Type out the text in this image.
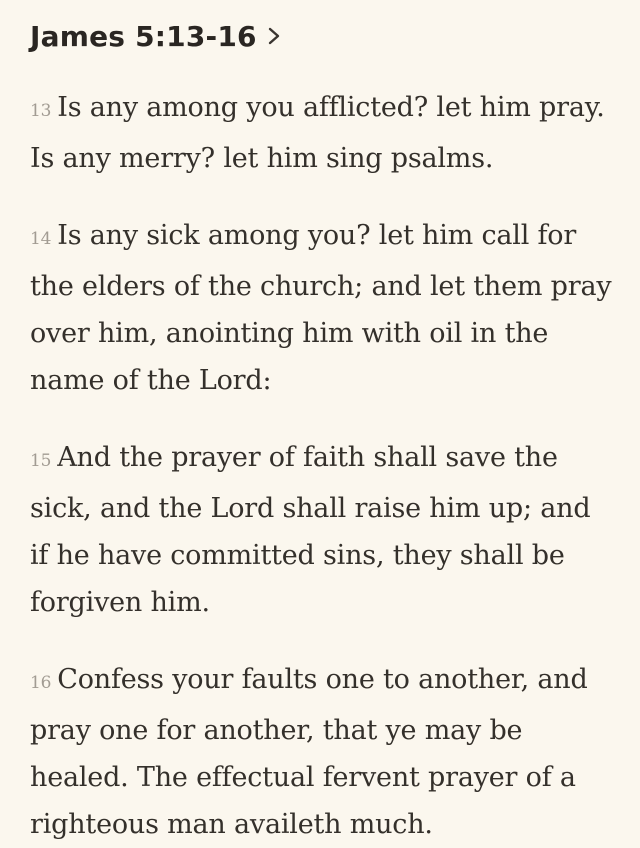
James 5:13-16

13 Is any among you afflicted? let him pray. Is any merry? let him sing psalms.

14 Is any sick among you? let him call for the elders of the church; and let them pray over him, anointing him with oil in the name of the Lord:

15 And the prayer of faith shall save the sick, and the Lord shall raise him up; and if he have committed sins, they shall be forgiven him.

16 Confess your faults one to another, and pray one for another, that ye may be healed. The effectual fervent prayer of a righteous man availeth much.
